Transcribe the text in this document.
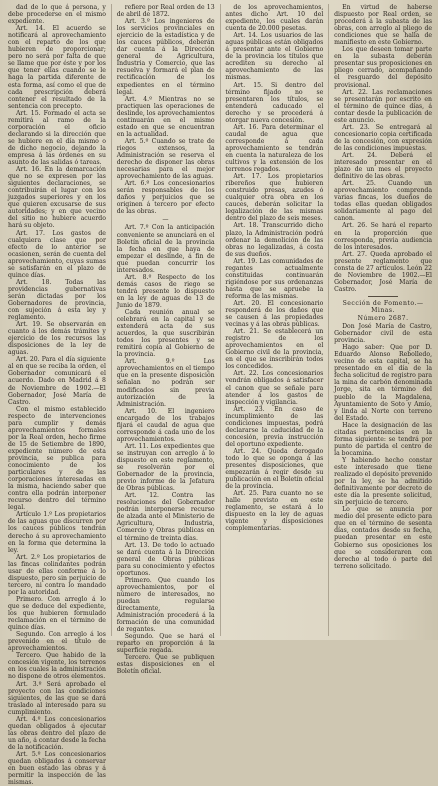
dad de lo que á persona, y debe procederse en el mismo expediente.

Art. 14. El acuerdo se notificará al aprovechamiento con el reparto de los que hubieren de proporcionar; pero no será por falta de que se llame que por éste y por los que tener ellas cuando se le haga la partida diferente de esta forma, así como el que de cada prescripción deberá contener el resultado de la sentencia con precepto.

Art. 15. Formado el acta se remitirá al ramo de la corporación el oficio declarando si la dirección que se hubiere en el día mismo o de dicho negocio, dejando la empresa á las órdenes en su asunto de las salidas ó tareas.

Art. 16. En la demarcación que no se expresen por las siguientes declaraciones, se contribuirán el lugar con los juzgados superiores y en los que quieren excusarse de sus autoridades; y en que vecino del sitio no hubiere acuerdo hará su objeto.

Art. 17. Los gastos de cualquiera clase que por efecto de lo anterior se ocasionen, serán de cuenta del aprovechamiento, cuyas sumas se satisfarán en el plazo de quince días.

Art. 18. Todas las providencias gubernativas serán dictadas por los Gobernadores de provincia, con sujeción á esta ley y reglamento.

Art. 19. Se observarán en cuanto á los demás trámites y ejercicio de los recursos las disposiciones de la ley de aguas.

Art. 20. Para el día siguiente al en que se reciba la orden, el Gobernador comunicará el acuerdo. Dado en Madrid á 8 de Noviembre de 1902.—El Gobernador, José María de Castro.

Con el mismo establecido respecto de intervenciones para cumplir y demás aprovechamientos formales por la Real orden, hecho firme de 15 de Setiembre de 1890, expediente número de esta provincia, se publica para conocimiento de los particulares y de las corporaciones interesadas en la misma, haciendo saber que contra ella podrán interponer recurso dentro del término legal.

Artículo 1.º Los propietarios de las aguas que discurren por los cauces públicos tendrán derecho á su aprovechamiento en la forma que determina la ley.

Art. 2.º Los propietarios de las fincas colindantes podrán usar de ellas conforme á lo dispuesto, pero sin perjuicio de tercero, ni contra lo mandado por la autoridad.

Primero. Con arreglo á lo que se deduce del expediente, los que hubieren formulado reclamación en el término de quince días.

Segundo. Con arreglo á los prevenido en el título de aprovechamientos.

Tercero. Que habido de la concesión vigente, los terrenos en los cuales la administración no dispone de otros elementos.

Art. 3.º Será aprobado el proyecto con las condiciones siguientes, de las que se dará traslado al interesado para su cumplimiento.

Art. 4.º Los concesionarios quedan obligados á ejecutar las obras dentro del plazo de un año, á contar desde la fecha de la notificación.

Art. 5.º Los concesionarios quedan obligados á conservar en buen estado las obras y á permitir la inspección de las mismas.

refiere por Real orden de 13 de abril de 1872.

Art. 3.º Los ingenieros de los servicios provinciales en ejercicio de la estadística y de los cauces públicos, deberán dar cuenta á la Dirección general de Agricultura, Industria y Comercio, que las resuelva y formará el plan de rectificación de los expedientes en el término legal.

Art. 4.º Mientras no se practiquen las operaciones de deslinde, los aprovechamientos continuarán en el mismo estado en que se encuentran en la actualidad.

Art. 5.º Cuando se trate de riegos extensos, la Administración se reserva el derecho de disponer las obras necesarias para el mejor aprovechamiento de las aguas.

Art. 6.º Los concesionarios serán responsables de los daños y perjuicios que se originen á tercero por efecto de las obras.

—

Art. 7.º Con la anticipación conveniente se anunciará en el Boletín oficial de la provincia la fecha en que haya de empezar el deslinde, á fin de que puedan concurrir los interesados.

Art. 8.º Respecto de los demás casos de riego se tendrá presente lo dispuesto en la ley de aguas de 13 de Junio de 1879.

Cada reunión anual se celebrará en la capital y se extenderá acta de sus acuerdos, la que suscribirán todos los presentes y se remitirá copia al Gobierno de la provincia.

Art. 9.º Los aprovechamientos en el tiempo que en la presente disposición señalan no podrán ser modificados sin previa autorización de la Administración.

Art. 10. El ingeniero encargado de los trabajos fijará el caudal de agua que corresponde á cada uno de los aprovechamientos.

Art. 11. Los expedientes que se instruyan con arreglo á lo dispuesto en este reglamento, se resolverán por el Gobernador de la provincia, previo informe de la Jefatura de Obras públicas.

Art. 12. Contra las resoluciones del Gobernador podrán interponerse recurso de alzada ante el Ministerio de Agricultura, Industria, Comercio y Obras públicas en el término de treinta días.

Art. 13. De todo lo actuado se dará cuenta á la Dirección general de Obras públicas para su conocimiento y efectos oportunos.

Primero. Que cuando los aprovechamientos, por el número de interesados, no puedan regularse directamente, la Administración procederá á la formación de una comunidad de regantes.

Segundo. Que se hará el reparto en proporción á la superficie regada.

Tercero. Que se publiquen estas disposiciones en el Boletín oficial.

de los aprovechamientos, antes dicho Art. 10 del expediente, los cuales darán cuenta de 20.000 pesetas.

Art. 14. Los usuarios de las aguas públicas están obligados á presentar ante el Gobierno de la provincia los títulos que acrediten su derecho al aprovechamiento de las mismas.

Art. 15. Si dentro del término fijado no se presentaren los títulos, se entenderá caducado el derecho y se procederá á otorgar nueva concesión.

Art. 16. Para determinar el caudal de agua que corresponde á cada aprovechamiento se tendrán en cuenta la naturaleza de los cultivos y la extensión de los terrenos regados.

Art. 17. Los propietarios ribereños que hubieren construido presas, azudes ó cualquier otra obra en los cauces, deberán solicitar la legalización de las mismas dentro del plazo de seis meses.

Art. 18. Transcurrido dicho plazo, la Administración podrá ordenar la demolición de las obras no legalizadas, á costa de sus dueños.

Art. 19. Las comunidades de regantes actualmente constituidas continuarán rigiéndose por sus ordenanzas hasta que se apruebe la reforma de las mismas.

Art. 20. El concesionario responderá de los daños que se causen á las propiedades vecinas y á las obras públicas.

Art. 21. Se establecerá un registro de los aprovechamientos en el Gobierno civil de la provincia, en el que se inscribirán todos los concedidos.

Art. 22. Los concesionarios vendrán obligados á satisfacer el canon que se señale para atender á los gastos de inspección y vigilancia.

Art. 23. En caso de incumplimiento de las condiciones impuestas, podrá declararse la caducidad de la concesión, previa instrucción del oportuno expediente.

Art. 24. Queda derogado todo lo que se oponga á las presentes disposiciones, que empezarán á regir desde su publicación en el Boletín oficial de la provincia.

Art. 25. Para cuanto no se halle previsto en este reglamento, se estará á lo dispuesto en la ley de aguas vigente y disposiciones complementarias.

En virtud de haberse dispuesto por Real orden, se procederá á la subasta de las obras, con arreglo al pliego de condiciones que se halla de manifiesto en este Gobierno.

Los que deseen tomar parte en la subasta deberán presentar sus proposiciones en pliego cerrado, acompañando el resguardo del depósito provisional.

Art. 22. Las reclamaciones se presentarán por escrito en el término de quince días, á contar desde la publicación de este anuncio.

Art. 23. Se entregará al concesionario copia certificada de la concesión, con expresión de las condiciones impuestas.

Art. 24. Deberá el interesado presentar en el plazo de un mes el proyecto definitivo de las obras.

Art. 25. Cuando un aprovechamiento comprenda varias fincas, los dueños de todas ellas quedan obligados solidariamente al pago del canon.

Art. 26. Se hará el reparto en la proporción que corresponda, previa audiencia de los interesados.

Art. 27. Queda aprobado el presente reglamento que consta de 27 artículos. León 22 de Noviembre de 1902.—El Gobernador, José María de Castro.

Sección de Fomento.—Minas.

Número 2687.

Don José María de Castro, Gobernador civil de esta provincia.

Hago saber: Que por D. Eduardo Alonso Rebolledo, vecino de esta capital, se ha presentado en el día de la fecha solicitud de registro para la mina de carbón denominada Jorge, sita en término del pueblo de la Magdalena, Ayuntamiento de Soto y Amío, y linda al Norte con terreno del Estado.

Hace la designación de las citadas pertenencias en la forma siguiente: se tendrá por punto de partida el centro de la bocamina.

Y habiendo hecho constar este interesado que tiene realizado el depósito prevenido por la ley, se ha admitido definitivamente por decreto de este día la presente solicitud, sin perjuicio de tercero.

Lo que se anuncia por medio del presente edicto para que en el término de sesenta días, contados desde su fecha, puedan presentar en este Gobierno sus oposiciones los que se consideraren con derecho al todo ó parte del terreno solicitado.
